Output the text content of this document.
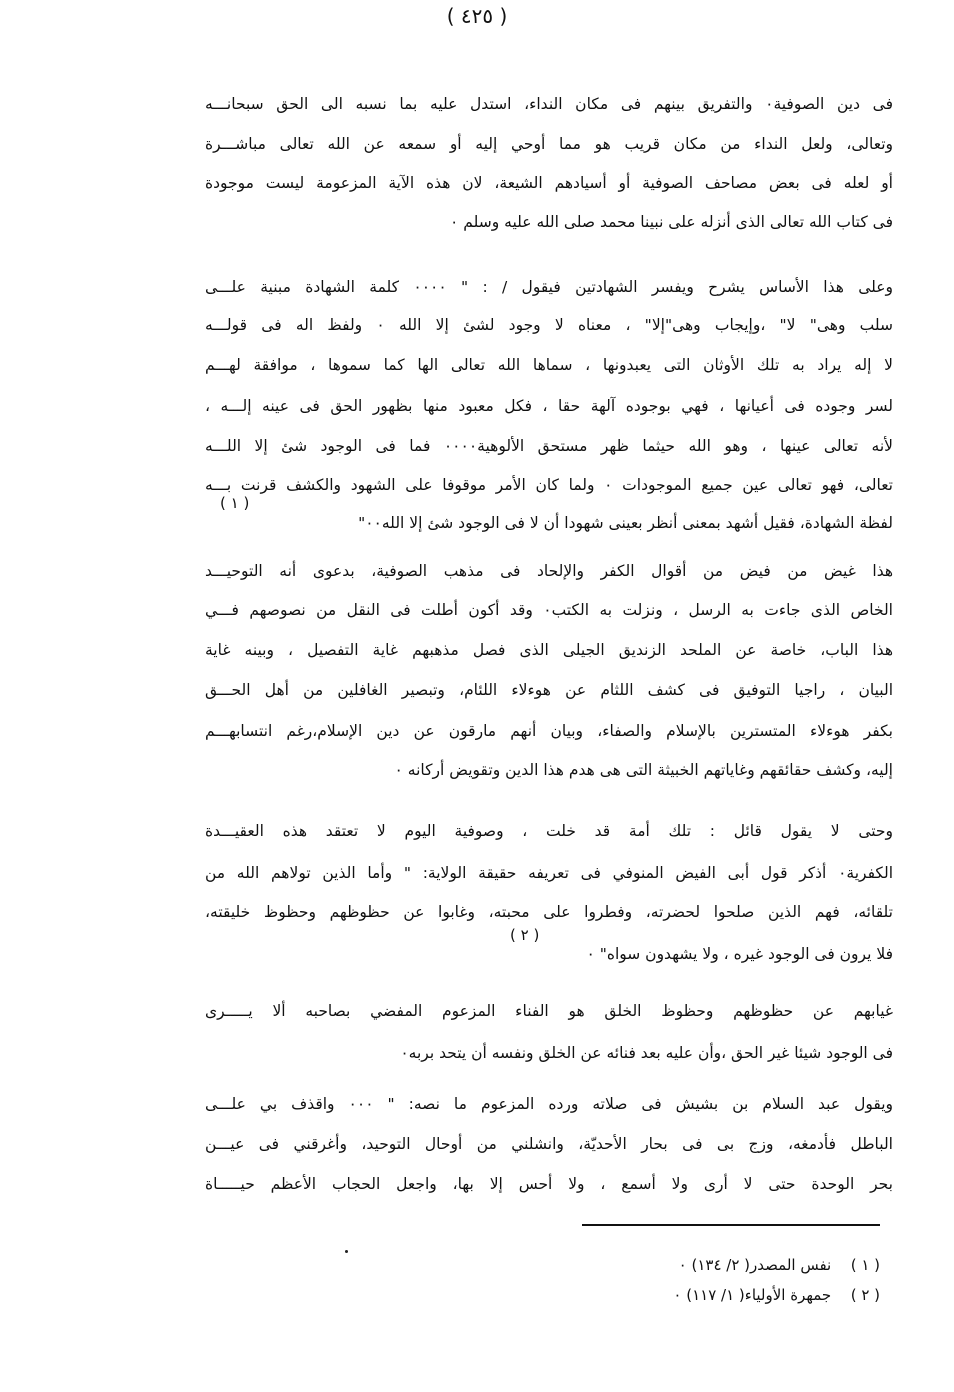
( ٤٢٥ )
فى دين الصوفية٠ والتفريق بينهم فى مكان النداء، استدل عليه بما نسبه الى الحق سبحانـــه
وتعالى، ولعل النداء من مكان قريب هو مما أوحي إليه أو سمعه عن الله تعالى مباشـــرة
أو لعله فى بعض مصاحف الصوفية أو أسيادهم الشيعة، لان هذه الآية المزعومة ليست موجودة
فى كتاب الله تعالى الذى أنزله على نبينا محمد صلى الله عليه وسلم ٠
وعلى هذا الأساس يشرح ويفسر الشهادتين فيقول / : " ٠٠٠٠ كلمة الشهادة مبنية علـــى
سلب وهى" لا" ،وإيجاب وهى"إلا" ، معناه لا وجود لشئ إلا الله ٠ ولفظ اله فى قولـــه
لا إله يراد به تلك الأوثان التى يعبدونها ، سماها الله تعالى الها كما سموها ، موافقة لهـــم
لسر وجوده فى أعيانها ، فهي بوجوده آلهة حقا ، فكل معبود منها بظهور الحق فى عينه إلـــه ،
لأنه تعالى عينها ، وهو الله حيثما ظهر مستحق الألوهية٠٠٠٠ فما فى الوجود شئ إلا اللـــه
تعالى، فهو تعالى عين جميع الموجودات ٠ ولما كان الأمر موقوفا على الشهود والكشف قرنت بـــه
لفظة الشهادة، فقيل أشهد بمعنى أنظر بعينى شهودا أن لا فى الوجود شئ إلا الله٠٠"
هذا غيض من فيض من أقوال الكفر والإلحاد فى مذهب الصوفية، بدعوى أنه التوحيـــد
الخاص الذى جاءت به الرسل ، ونزلت به الكتب٠ وقد أكون أطلت فى النقل من نصوصهم فـــي
هذا الباب، خاصة عن الملحد الزنديق الجيلى الذى فصل مذهبهم غاية التفصيل ، وبينه غاية
البيان ، راجيا التوفيق فى كشف اللثام عن هوءلاء اللئام، وتبصير الغافلين من أهل الحـــق
بكفر هوءلاء المتسترين بالإسلام والصفاء، وبيان أنهم مارقون عن دين الإسلام،رغم انتسابهـــم
إليه، وكشف حقائقهم وغاياتهم الخبيثة التى هى هدم هذا الدين وتقويض أركانه ٠
وحتى لا يقول قائل : تلك أمة قد خلت ، وصوفية اليوم لا تعتقد هذه العقيـــدة
الكفرية٠ أذكر قول أبى الفيض المنوفي فى تعريفه حقيقة الولاية: " وأما الذين تولاهم الله من
تلقائه، فهم الذين صلحوا لحضرته، وفطروا على محبته، وغابوا عن حظوظهم وحظوظ خليقته،
فلا يرون فى الوجود غيره ، ولا يشهدون سواه" ٠
غيابهم عن حظوظهم وحظوظ الخلق هو الفناء المزعوم المفضي بصاحبه ألا يـــــرى
فى الوجود شيئا غير الحق ،وأن عليه بعد فنائه عن الخلق ونفسه أن يتحد بربه٠
ويقول عبد السلام بن بشيش فى صلاته ورده المزعوم ما نصه: " ٠٠٠ واقذف بي علـــى
الباطل فأدمغه، وزج بى فى بحار الأحديّة، وانشلني من أوحال التوحيد، وأغرقني فى عيـــن
بحر الوحدة حتى لا أرى ولا أسمع ، ولا أحس إلا بها، واجعل الحجاب الأعظم حيـــــاة
( ١ )
( ٢ )
( ١ ) نفس المصدر( ٢/ ١٣٤) ٠
( ٢ ) جمهرة الأولياء( ١/ ١١٧) ٠
